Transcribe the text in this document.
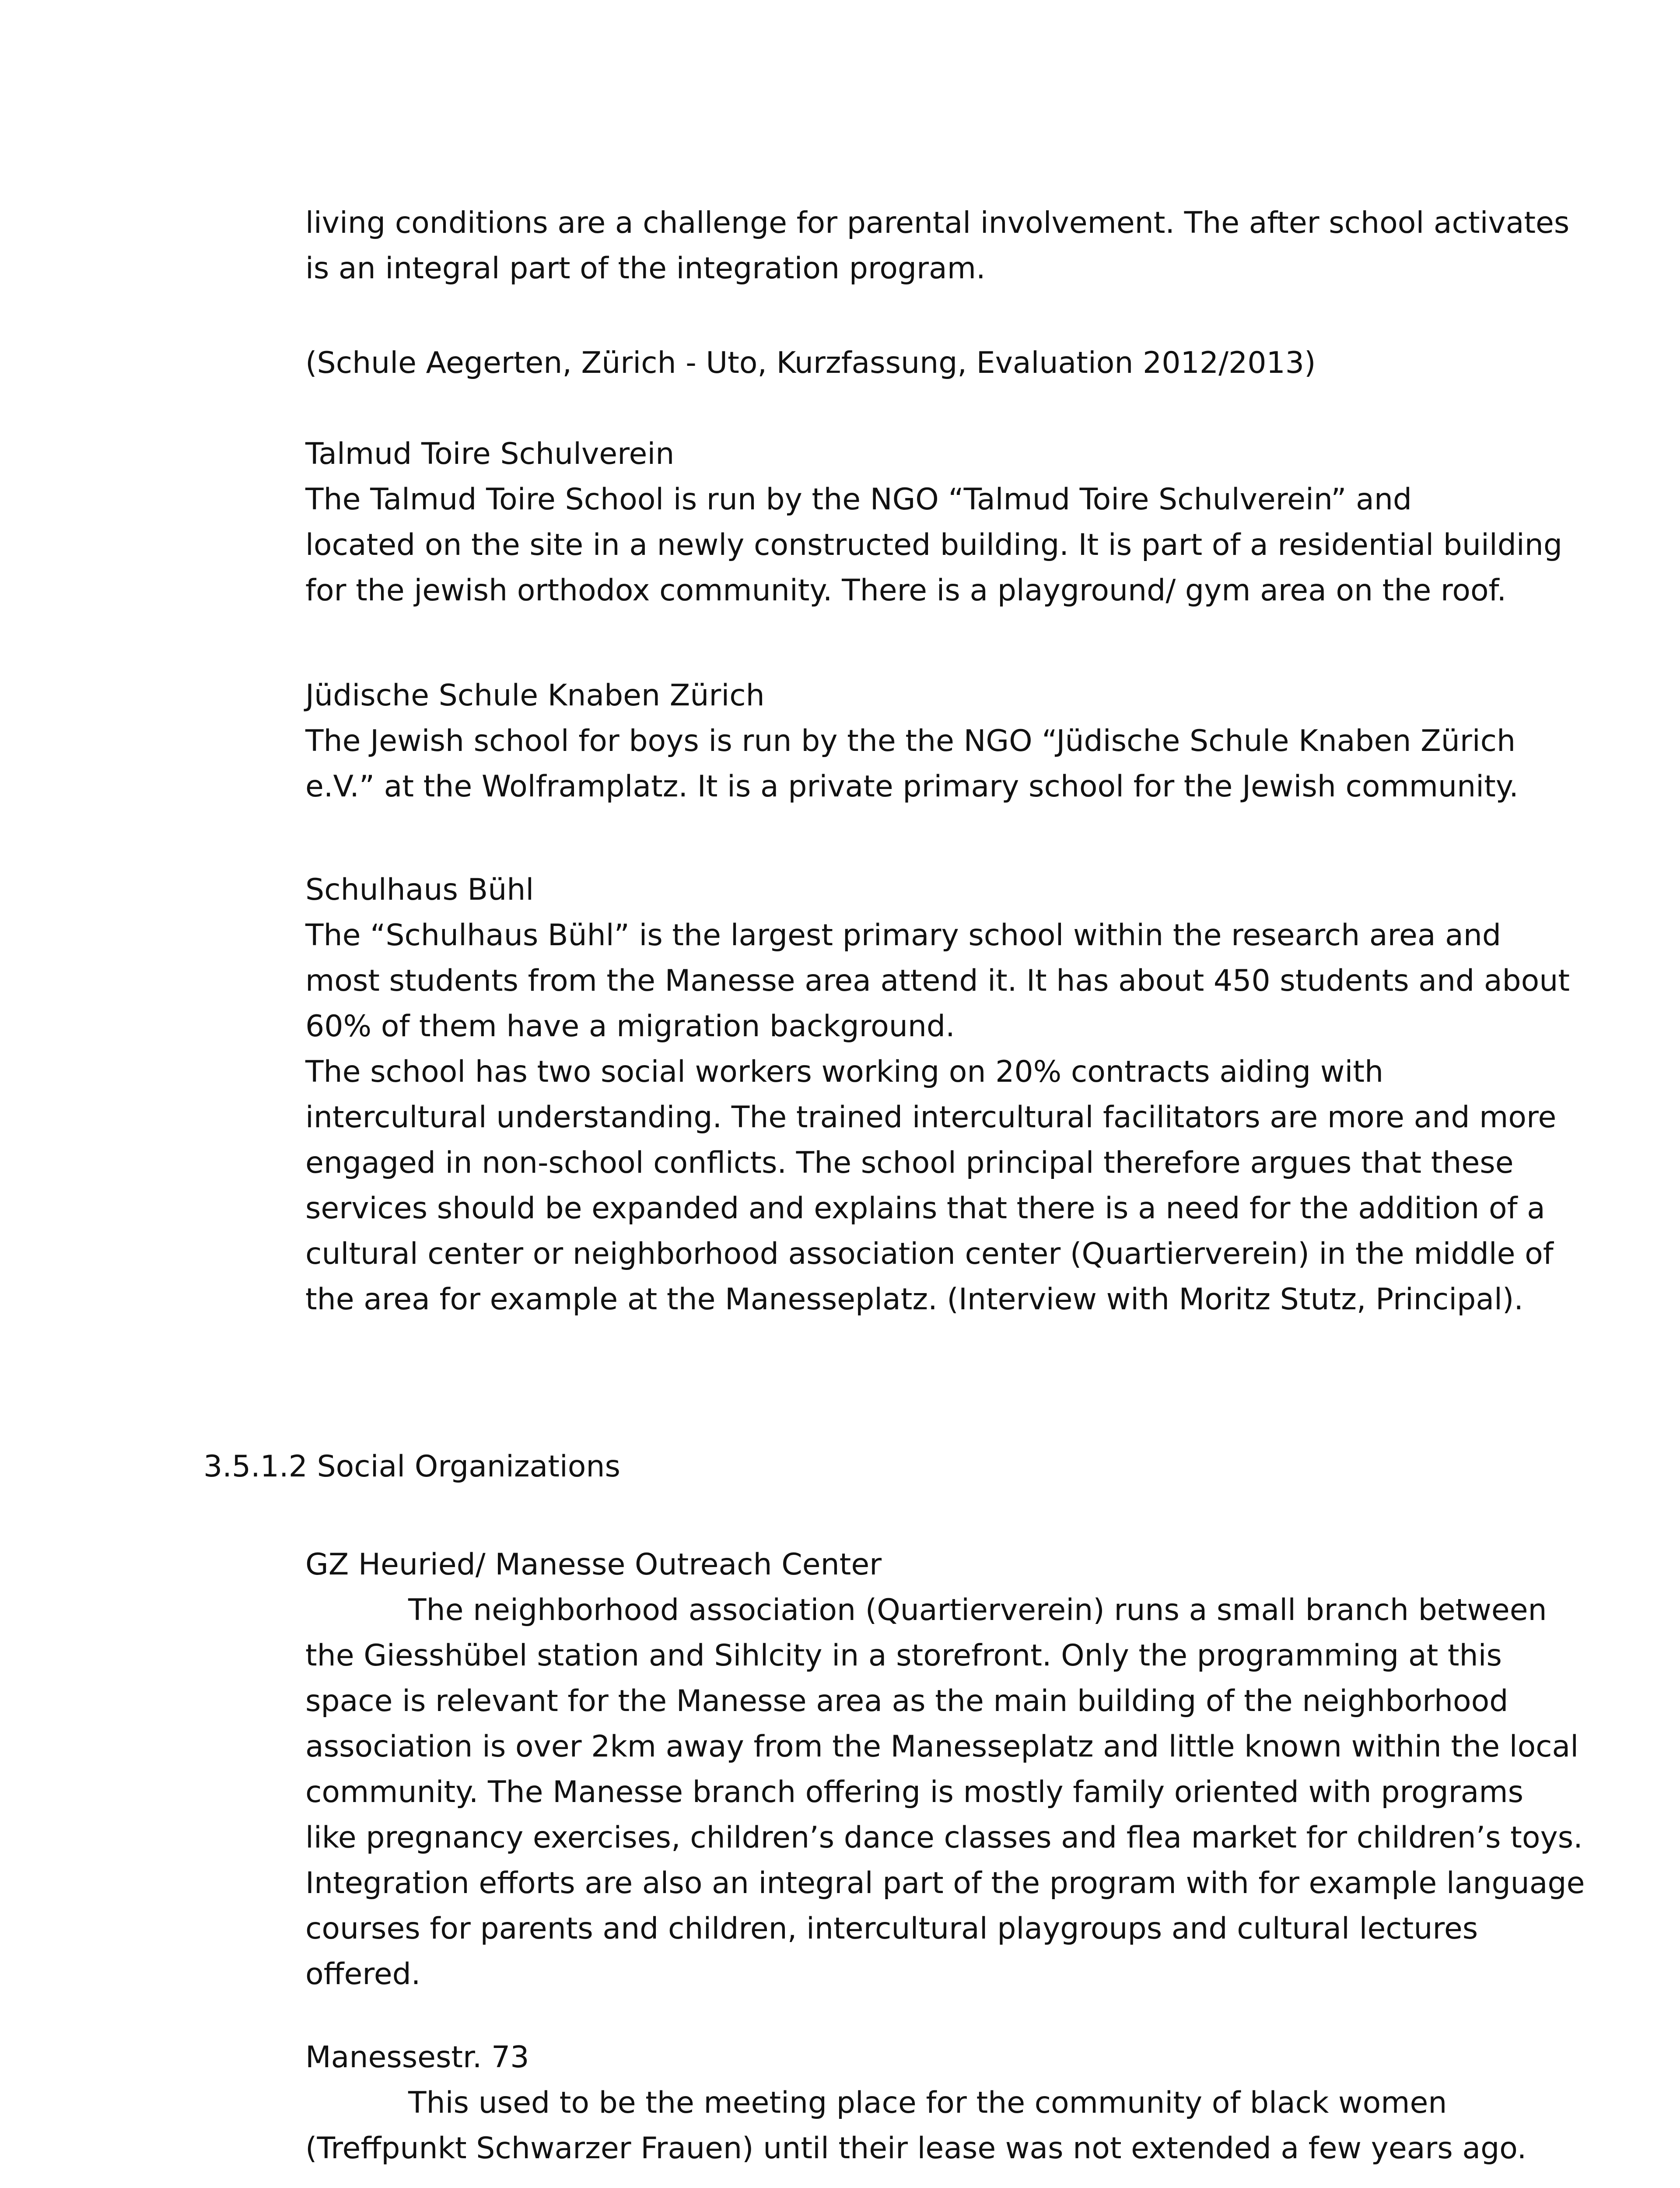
living conditions are a challenge for parental involvement. The after school activates
is an integral part of the integration program.
(Schule Aegerten, Zürich - Uto, Kurzfassung, Evaluation 2012/2013)
Talmud Toire Schulverein
The Talmud Toire School is run by the NGO “Talmud Toire Schulverein” and
located on the site in a newly constructed building. It is part of a residential building
for the jewish orthodox community. There is a playground/ gym area on the roof.
Jüdische Schule Knaben Zürich
The Jewish school for boys is run by the the NGO “Jüdische Schule Knaben Zürich
e.V.” at the Wolframplatz. It is a private primary school for the Jewish community.
Schulhaus Bühl
The “Schulhaus Bühl” is the largest primary school within the research area and
most students from the Manesse area attend it. It has about 450 students and about
60% of them have a migration background.
The school has two social workers working on 20% contracts aiding with
intercultural understanding. The trained intercultural facilitators are more and more
engaged in non-school conflicts. The school principal therefore argues that these
services should be expanded and explains that there is a need for the addition of a
cultural center or neighborhood association center (Quartierverein) in the middle of
the area for example at the Manesseplatz. (Interview with Moritz Stutz, Principal).
3.5.1.2 Social Organizations
GZ Heuried/ Manesse Outreach Center
The neighborhood association (Quartierverein) runs a small branch between
the Giesshübel station and Sihlcity in a storefront. Only the programming at this
space is relevant for the Manesse area as the main building of the neighborhood
association is over 2km away from the Manesseplatz and little known within the local
community. The Manesse branch offering is mostly family oriented with programs
like pregnancy exercises, children’s dance classes and flea market for children’s toys.
Integration efforts are also an integral part of the program with for example language
courses for parents and children, intercultural playgroups and cultural lectures
offered.
Manessestr. 73
This used to be the meeting place for the community of black women
(Treffpunkt Schwarzer Frauen) until their lease was not extended a few years ago.
